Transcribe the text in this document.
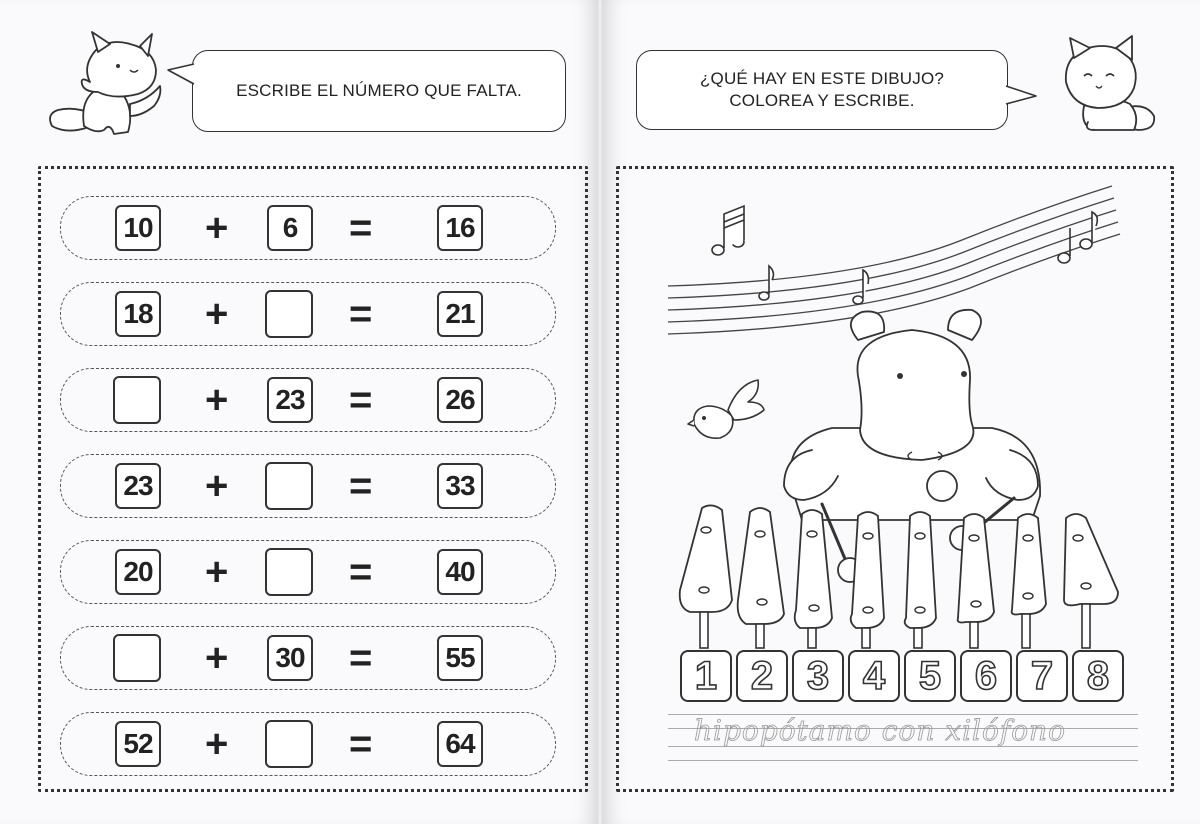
ESCRIBE EL NÚMERO QUE FALTA.
10 +	6	=	16
18 +	=	21
+	23 =	26
23 +	=	33
20 +	=	40
+	30 =	55
52 +	=	64
¿QUÉ HAY EN ESTE DIBUJO?
COLOREA Y ESCRIBE.
1 2 3 4 5 6 7 8
hipopótamo con xilófono
